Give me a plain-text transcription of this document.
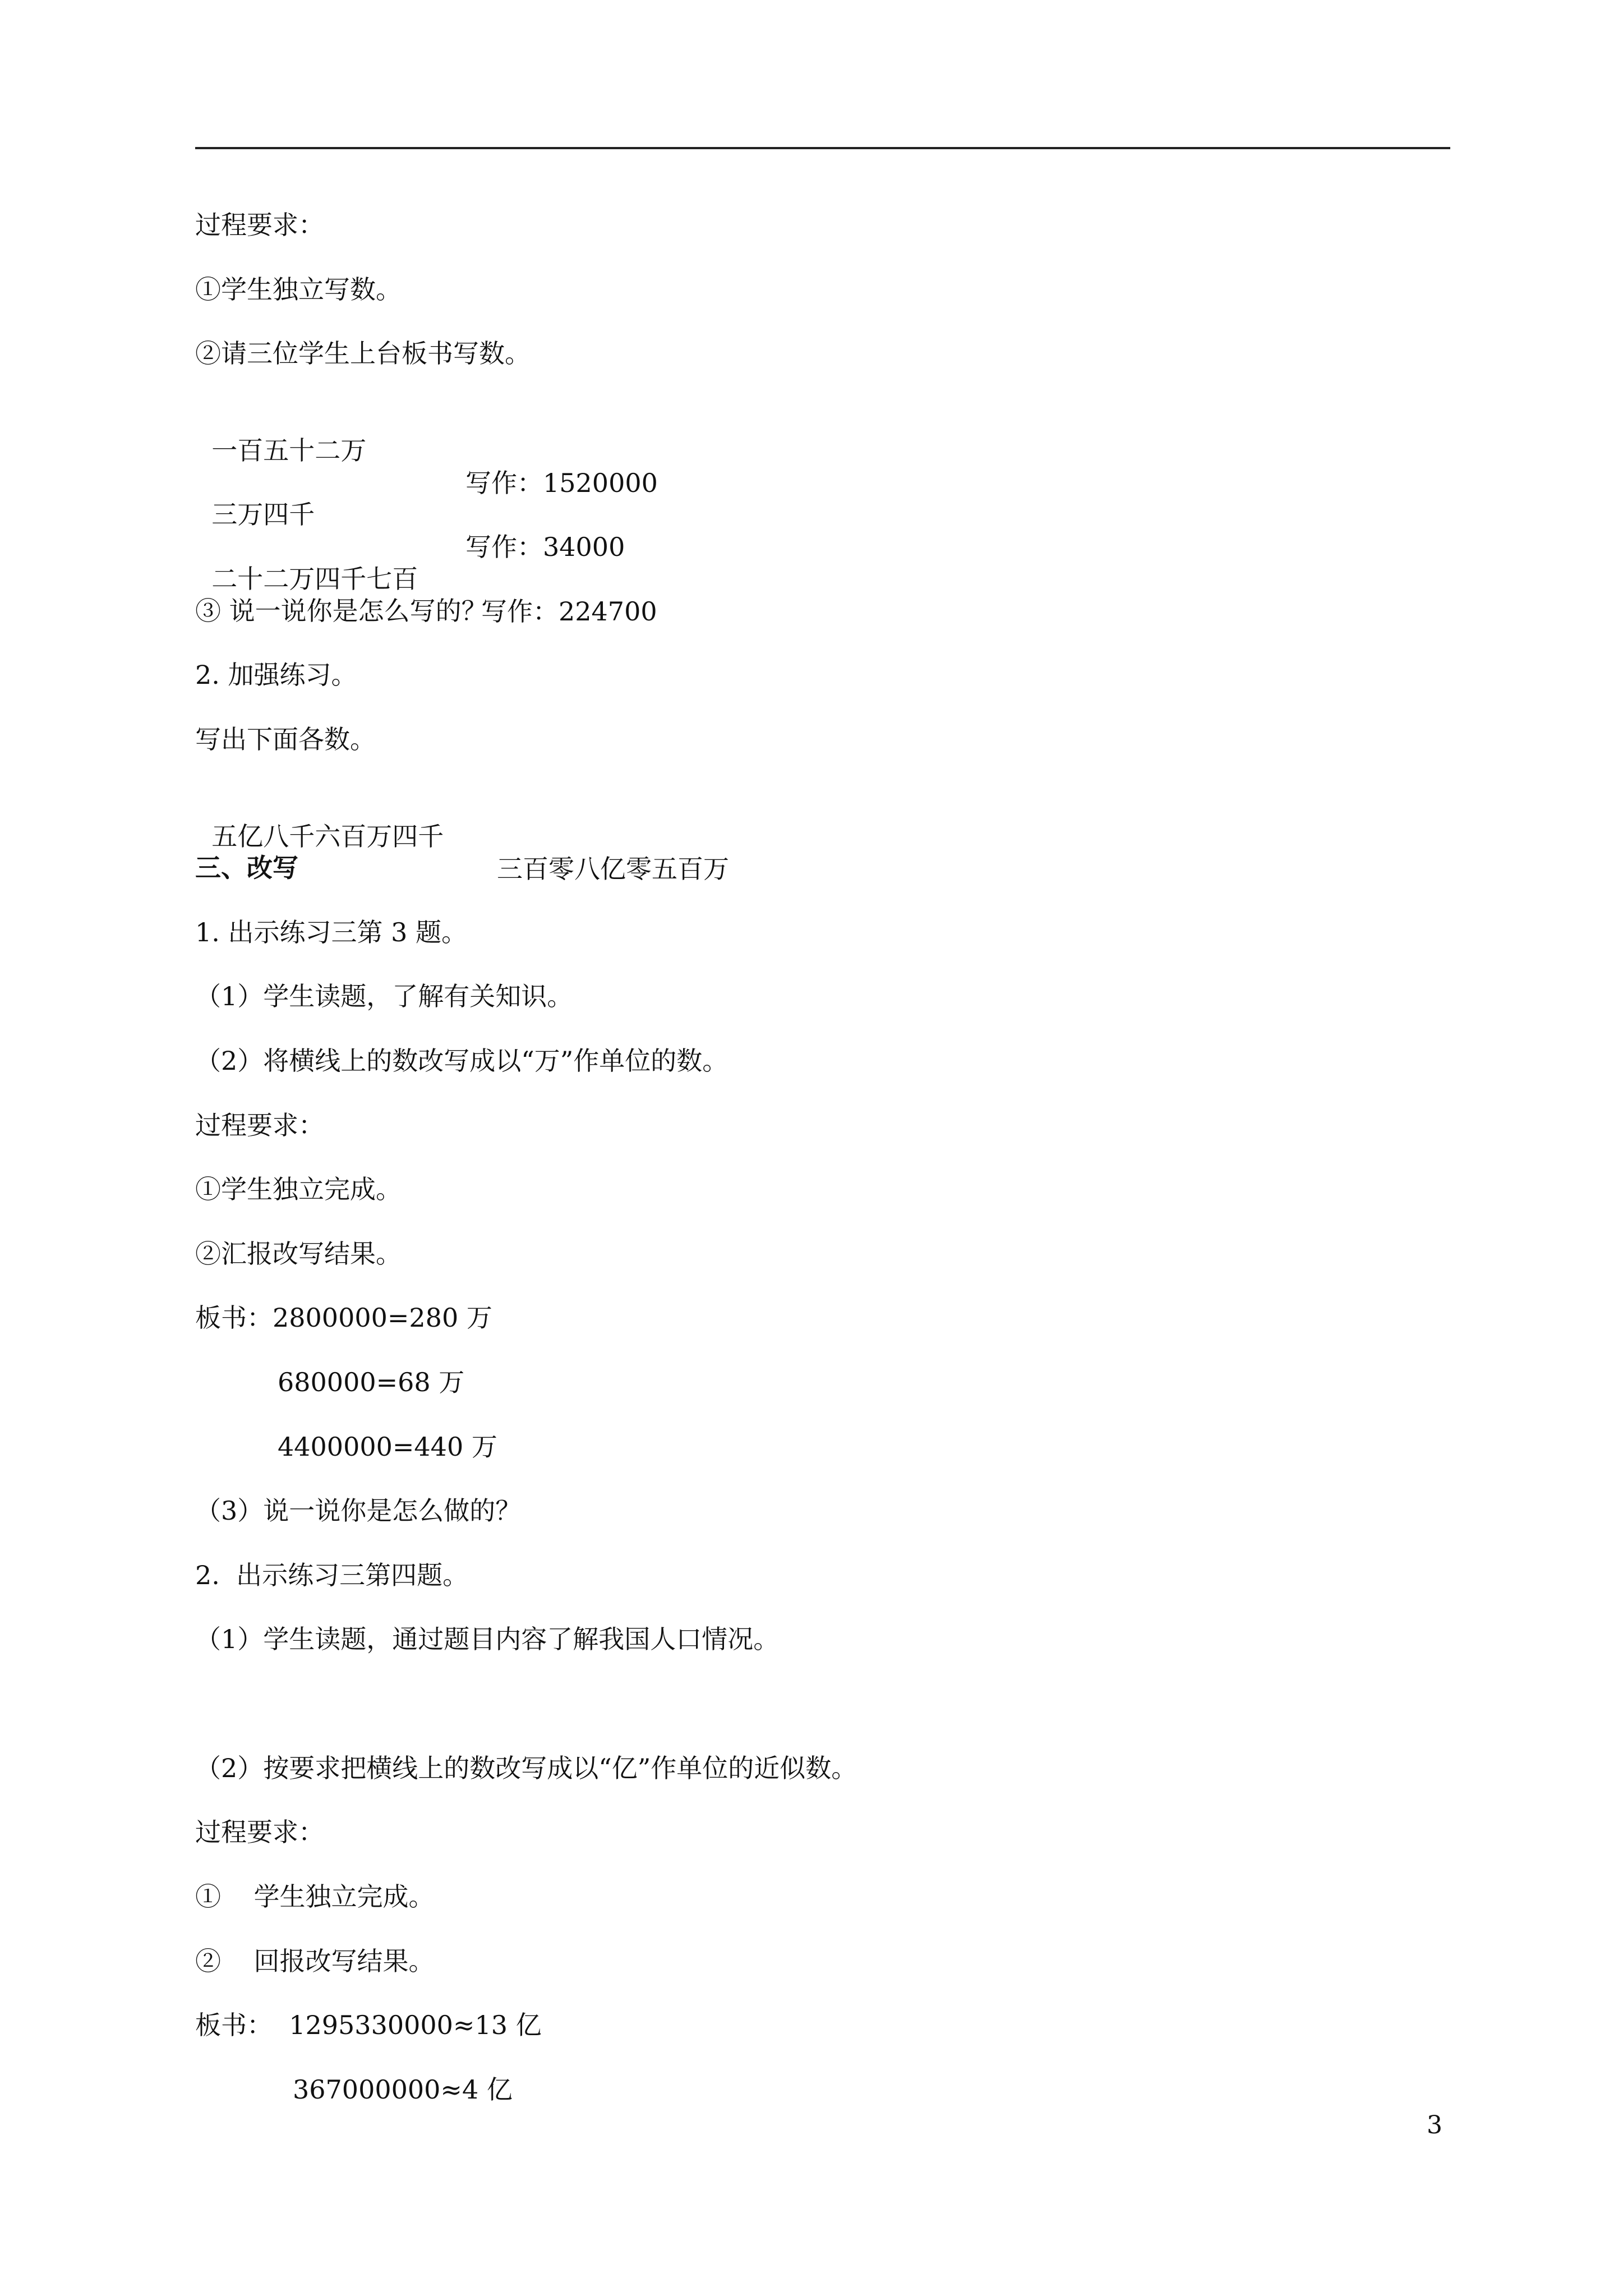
过程要求：
①学生独立写数。
②请三位学生上台板书写数。

一百五十二万

写作：1520000

三万四千

写作：34000

二十二万四千七百

写作：224700

③ 说一说你是怎么写的？
2. 加强练习。
写出下面各数。

五亿八千六百万四千

三百零八亿零五百万

三、改写
1. 出示练习三第 3 题。
（1）学生读题，了解有关知识。
（2）将横线上的数改写成以“万”作单位的数。
过程要求：
①学生独立完成。
②汇报改写结果。
板书：2800000=280 万
680000=68 万
4400000=440 万
（3）说一说你是怎么做的？
2.  出示练习三第四题。
（1）学生读题，通过题目内容了解我国人口情况。
（2）按要求把横线上的数改写成以“亿”作单位的近似数。
过程要求：
①    学生独立完成。
②    回报改写结果。
板书：  1295330000≈13 亿
367000000≈4 亿
3
